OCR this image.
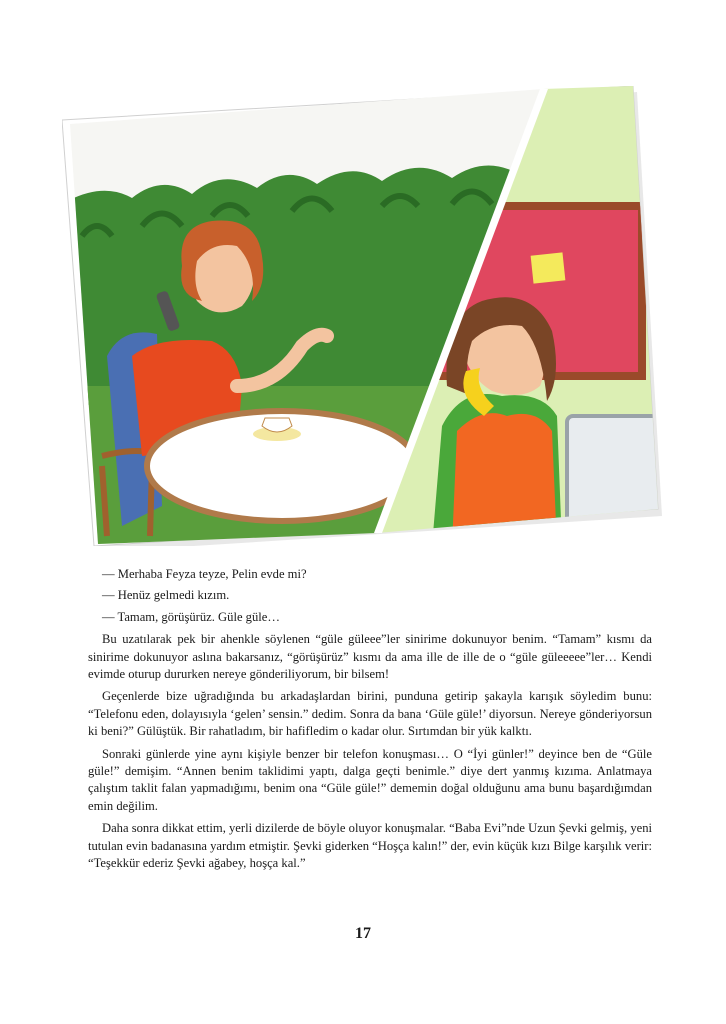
— Merhaba Feyza teyze, Pelin evde mi?

— Henüz gelmedi kızım.

— Tamam, görüşürüz. Güle güle…

Bu uzatılarak pek bir ahenkle söylenen “güle güleee”ler sinirime dokunuyor benim. “Tamam” kısmı da sinirime dokunuyor aslına bakarsanız, “görüşürüz” kısmı da ama ille de ille de o “güle güleeeee”ler… Kendi evimde oturup dururken nereye gönderiliyorum, bir bilsem!

Geçenlerde bize uğradığında bu arkadaşlardan birini, punduna getirip şakayla karışık söyledim bunu: “Telefonu eden, dolayısıyla ‘gelen’ sensin.” dedim. Sonra da bana ‘Güle güle!’ diyorsun. Nereye gönderiyorsun ki beni?” Gülüştük. Bir rahatladım, bir hafifledim o kadar olur. Sırtımdan bir yük kalktı.

Sonraki günlerde yine aynı kişiyle benzer bir telefon konuşması… O “İyi günler!” deyince ben de “Güle güle!” demişim. “Annen benim taklidimi yaptı, dalga geçti benimle.” diye dert yanmış kızıma. Anlatmaya çalıştım taklit falan yapmadığımı, benim ona “Güle güle!” dememin doğal olduğunu ama bunu başardığımdan emin değilim.

Daha sonra dikkat ettim, yerli dizilerde de böyle oluyor konuşmalar. “Baba Evi”nde Uzun Şevki gelmiş, yeni tutulan evin badanasına yardım etmiştir. Şevki giderken “Hoşça kalın!” der, evin küçük kızı Bilge karşılık verir: “Teşekkür ederiz Şevki ağabey, hoşça kal.”

17
